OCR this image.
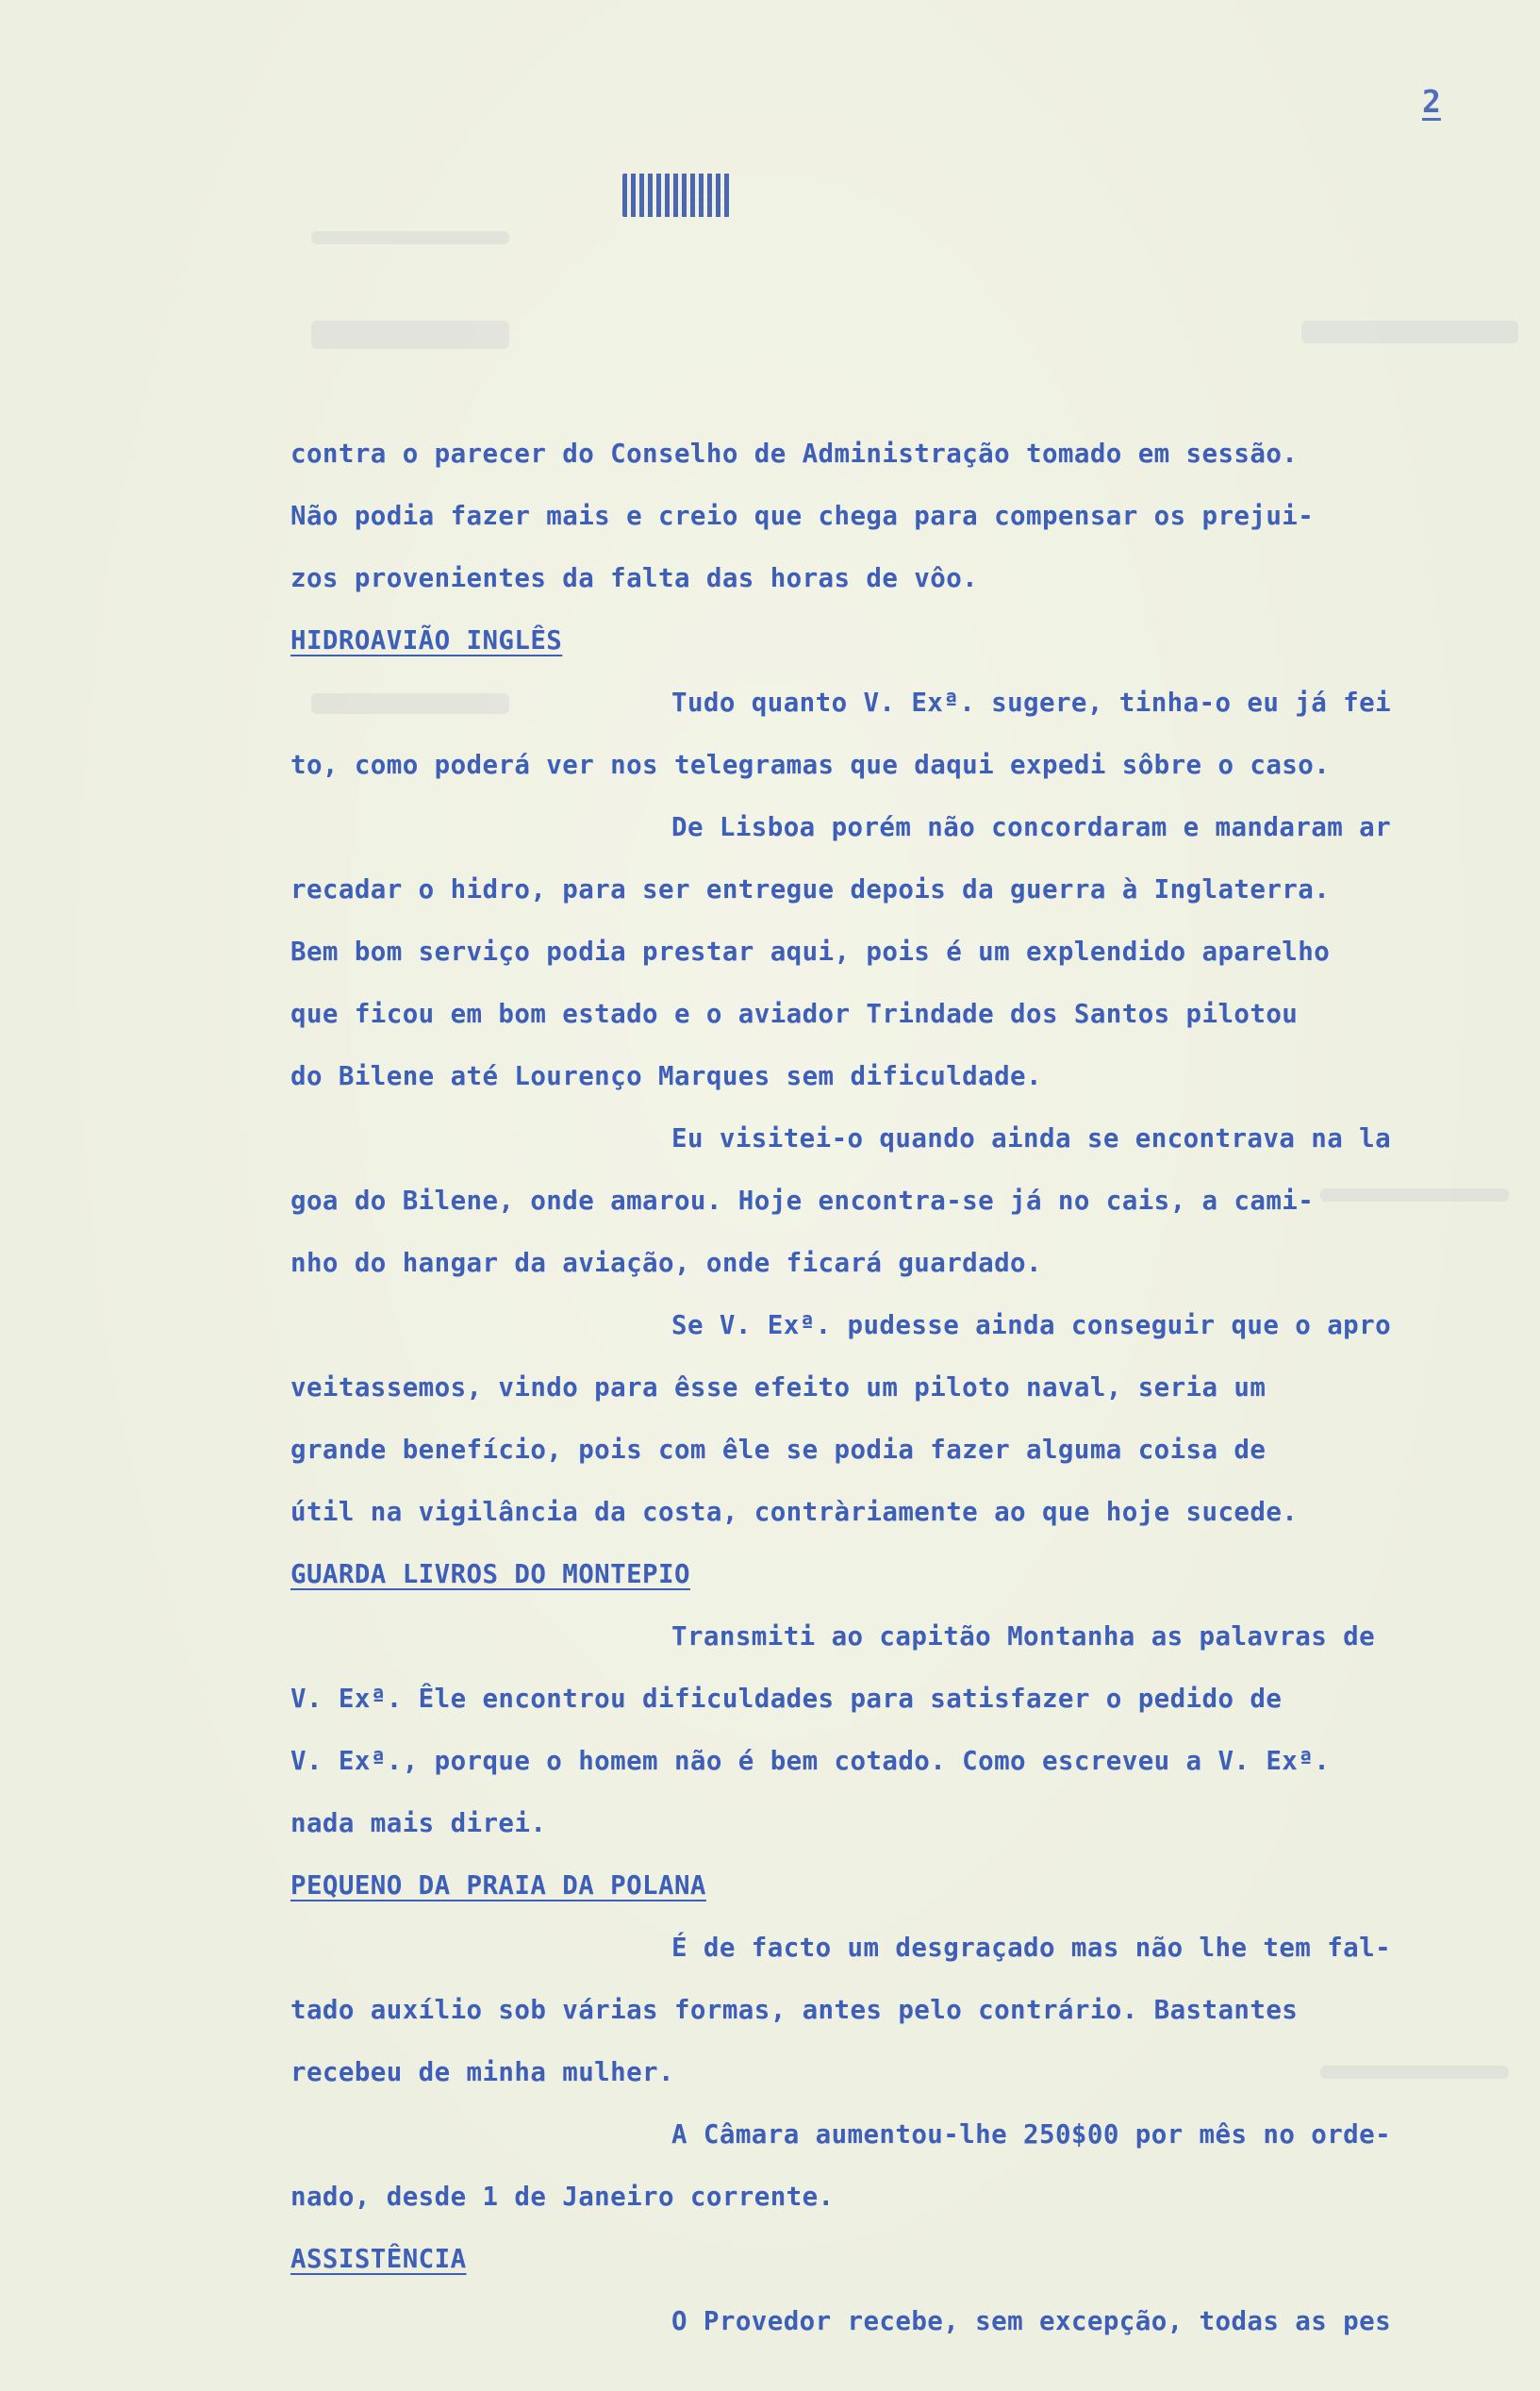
2
contra o parecer do Conselho de Administração tomado em sessão.
Não podia fazer mais e creio que chega para compensar os prejui-
zos provenientes da falta das horas de vôo.
HIDROAVIÃO INGLÊS
Tudo quanto V. Exª. sugere, tinha-o eu já fei
to, como poderá ver nos telegramas que daqui expedi sôbre o caso.
De Lisboa porém não concordaram e mandaram ar
recadar o hidro, para ser entregue depois da guerra à Inglaterra.
Bem bom serviço podia prestar aqui, pois é um explendido aparelho
que ficou em bom estado e o aviador Trindade dos Santos pilotou
do Bilene até Lourenço Marques sem dificuldade.
Eu visitei-o quando ainda se encontrava na la
goa do Bilene, onde amarou. Hoje encontra-se já no cais, a cami-
nho do hangar da aviação, onde ficará guardado.
Se V. Exª. pudesse ainda conseguir que o apro
veitassemos, vindo para êsse efeito um piloto naval, seria um
grande benefício, pois com êle se podia fazer alguma coisa de
útil na vigilância da costa, contràriamente ao que hoje sucede.
GUARDA LIVROS DO MONTEPIO
Transmiti ao capitão Montanha as palavras de
V. Exª. Êle encontrou dificuldades para satisfazer o pedido de
V. Exª., porque o homem não é bem cotado. Como escreveu a V. Exª.
nada mais direi.
PEQUENO DA PRAIA DA POLANA
É de facto um desgraçado mas não lhe tem fal-
tado auxílio sob várias formas, antes pelo contrário. Bastantes
recebeu de minha mulher.
A Câmara aumentou-lhe 250$00 por mês no orde-
nado, desde 1 de Janeiro corrente.
ASSISTÊNCIA
O Provedor recebe, sem excepção, todas as pes
